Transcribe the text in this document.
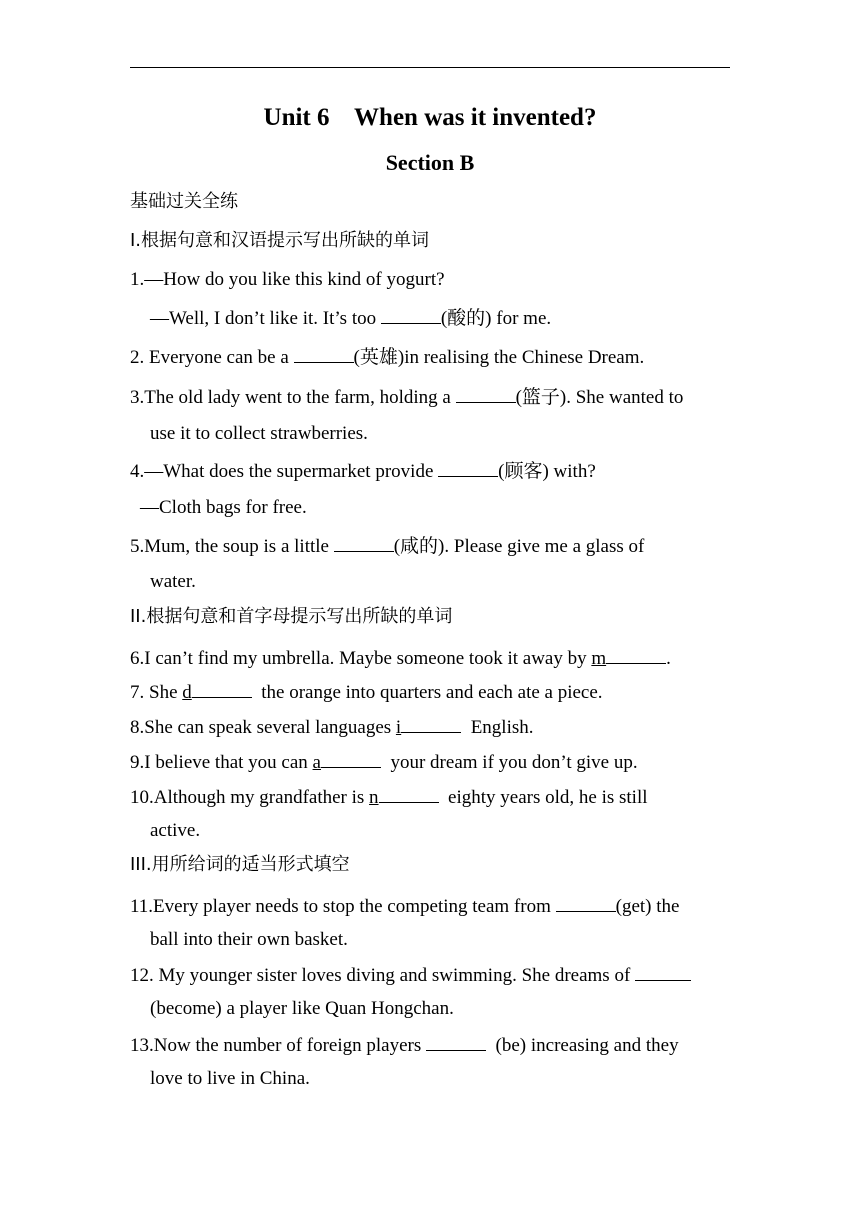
Unit 6    When was it invented?
Section B
基础过关全练
I.根据句意和汉语提示写出所缺的单词
1.—How do you like this kind of yogurt?
—Well, I don’t like it. It’s too	(酸的) for me.
2. Everyone can be a	(英雄)in realising the Chinese Dream.
3.The old lady went to the farm, holding a	(篮子). She wanted to
use it to collect strawberries.
4.—What does the supermarket provide	(顾客) with?
—Cloth bags for free.
5.Mum, the soup is a little	(咸的). Please give me a glass of
water.
II.根据句意和首字母提示写出所缺的单词
6.I can’t find my umbrella. Maybe someone took it away by m	.
7. She d	the orange into quarters and each ate a piece.
8.She can speak several languages i	English.
9.I believe that you can a	your dream if you don’t give up.
10.Although my grandfather is n	eighty years old, he is still
active.
III.用所给词的适当形式填空
11.Every player needs to stop the competing team from	(get) the
ball into their own basket.
12. My younger sister loves diving and swimming. She dreams of
(become) a player like Quan Hongchan.
13.Now the number of foreign players	(be) increasing and they
love to live in China.
